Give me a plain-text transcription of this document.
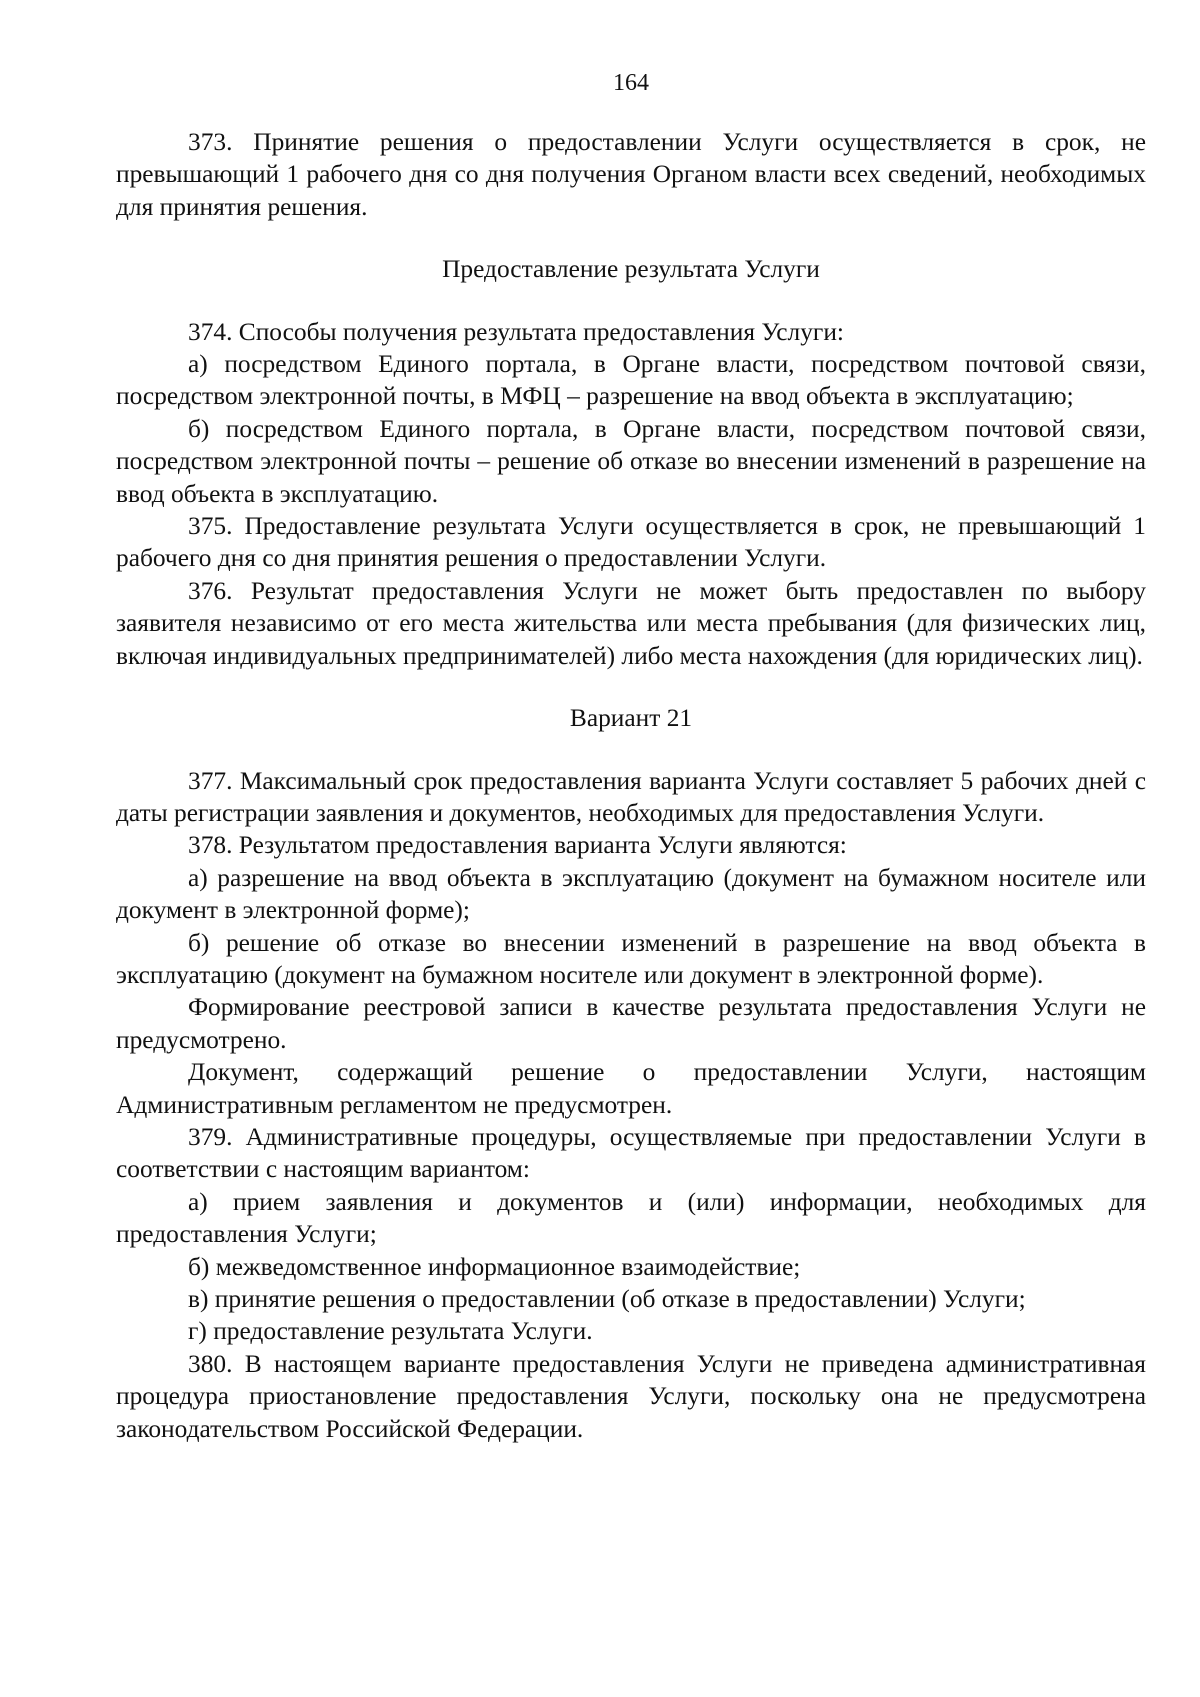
164

373. Принятие решения о предоставлении Услуги осуществляется в срок, не превышающий 1 рабочего дня со дня получения Органом власти всех сведений, необходимых для принятия решения.

Предоставление результата Услуги

374. Способы получения результата предоставления Услуги:

а) посредством Единого портала, в Органе власти, посредством почтовой связи, посредством электронной почты, в МФЦ – разрешение на ввод объекта в эксплуатацию;

б) посредством Единого портала, в Органе власти, посредством почтовой связи, посредством электронной почты – решение об отказе во внесении изменений в разрешение на ввод объекта в эксплуатацию.

375. Предоставление результата Услуги осуществляется в срок, не превышающий 1 рабочего дня со дня принятия решения о предоставлении Услуги.

376. Результат предоставления Услуги не может быть предоставлен по выбору заявителя независимо от его места жительства или места пребывания (для физических лиц, включая индивидуальных предпринимателей) либо места нахождения (для юридических лиц).

Вариант 21

377. Максимальный срок предоставления варианта Услуги составляет 5 рабочих дней с даты регистрации заявления и документов, необходимых для предоставления Услуги.

378. Результатом предоставления варианта Услуги являются:

а) разрешение на ввод объекта в эксплуатацию (документ на бумажном носителе или документ в электронной форме);

б) решение об отказе во внесении изменений в разрешение на ввод объекта в эксплуатацию (документ на бумажном носителе или документ в электронной форме).

Формирование реестровой записи в качестве результата предоставления Услуги не предусмотрено.

Документ, содержащий решение о предоставлении Услуги, настоящим Административным регламентом не предусмотрен.

379. Административные процедуры, осуществляемые при предоставлении Услуги в соответствии с настоящим вариантом:

а) прием заявления и документов и (или) информации, необходимых для предоставления Услуги;

б) межведомственное информационное взаимодействие;

в) принятие решения о предоставлении (об отказе в предоставлении) Услуги;

г) предоставление результата Услуги.

380. В настоящем варианте предоставления Услуги не приведена административная процедура приостановление предоставления Услуги, поскольку она не предусмотрена законодательством Российской Федерации.
